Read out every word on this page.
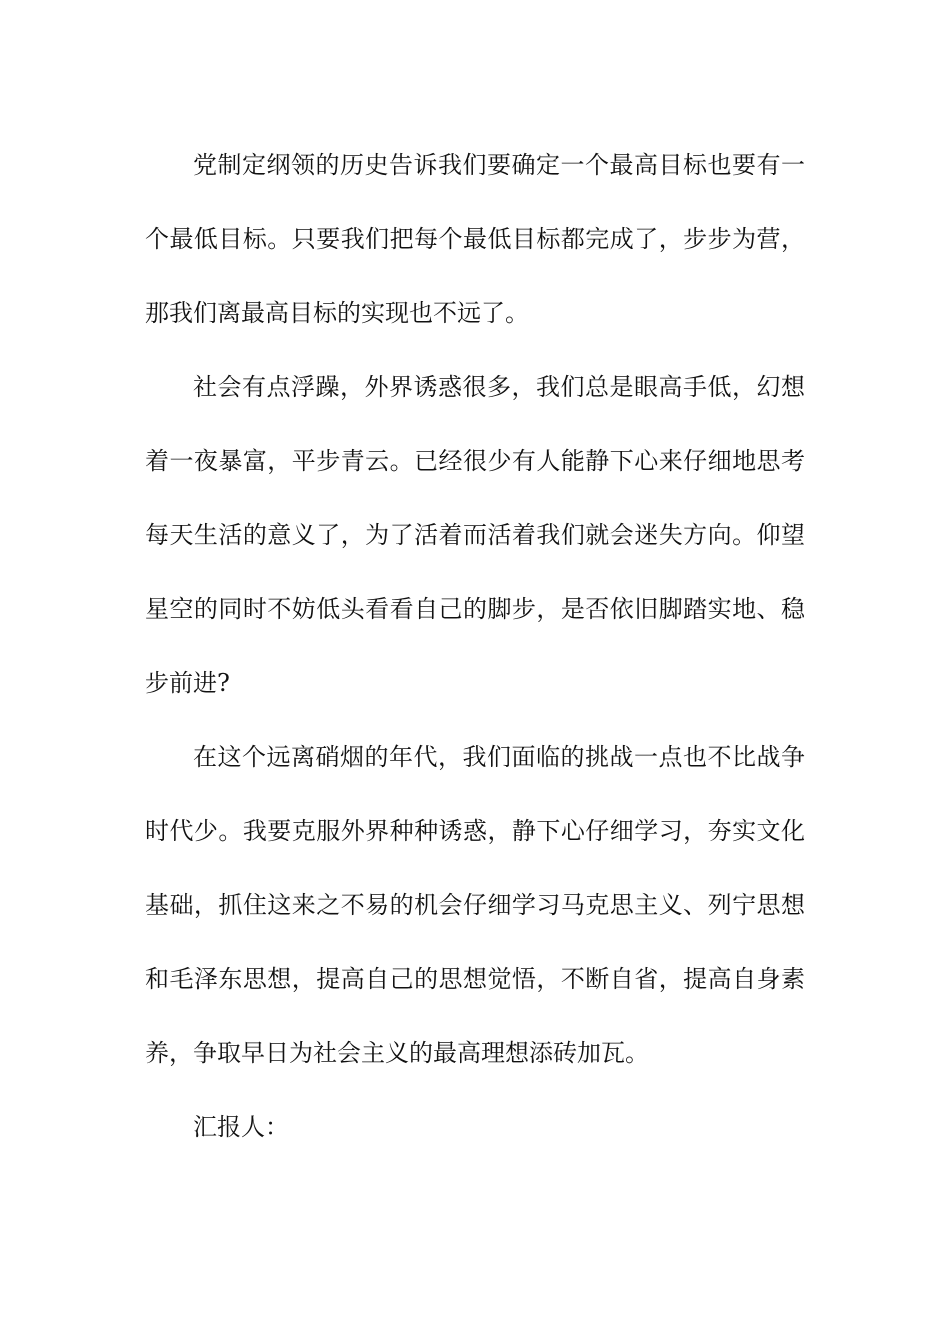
党制定纲领的历史告诉我们要确定一个最高目标也要有一个最低目标。只要我们把每个最低目标都完成了，步步为营，那我们离最高目标的实现也不远了。

社会有点浮躁，外界诱惑很多，我们总是眼高手低，幻想着一夜暴富，平步青云。已经很少有人能静下心来仔细地思考每天生活的意义了，为了活着而活着我们就会迷失方向。仰望星空的同时不妨低头看看自己的脚步，是否依旧脚踏实地、稳步前进?

在这个远离硝烟的年代，我们面临的挑战一点也不比战争时代少。我要克服外界种种诱惑，静下心仔细学习，夯实文化基础，抓住这来之不易的机会仔细学习马克思主义、列宁思想和毛泽东思想，提高自己的思想觉悟，不断自省，提高自身素养，争取早日为社会主义的最高理想添砖加瓦。

汇报人：
